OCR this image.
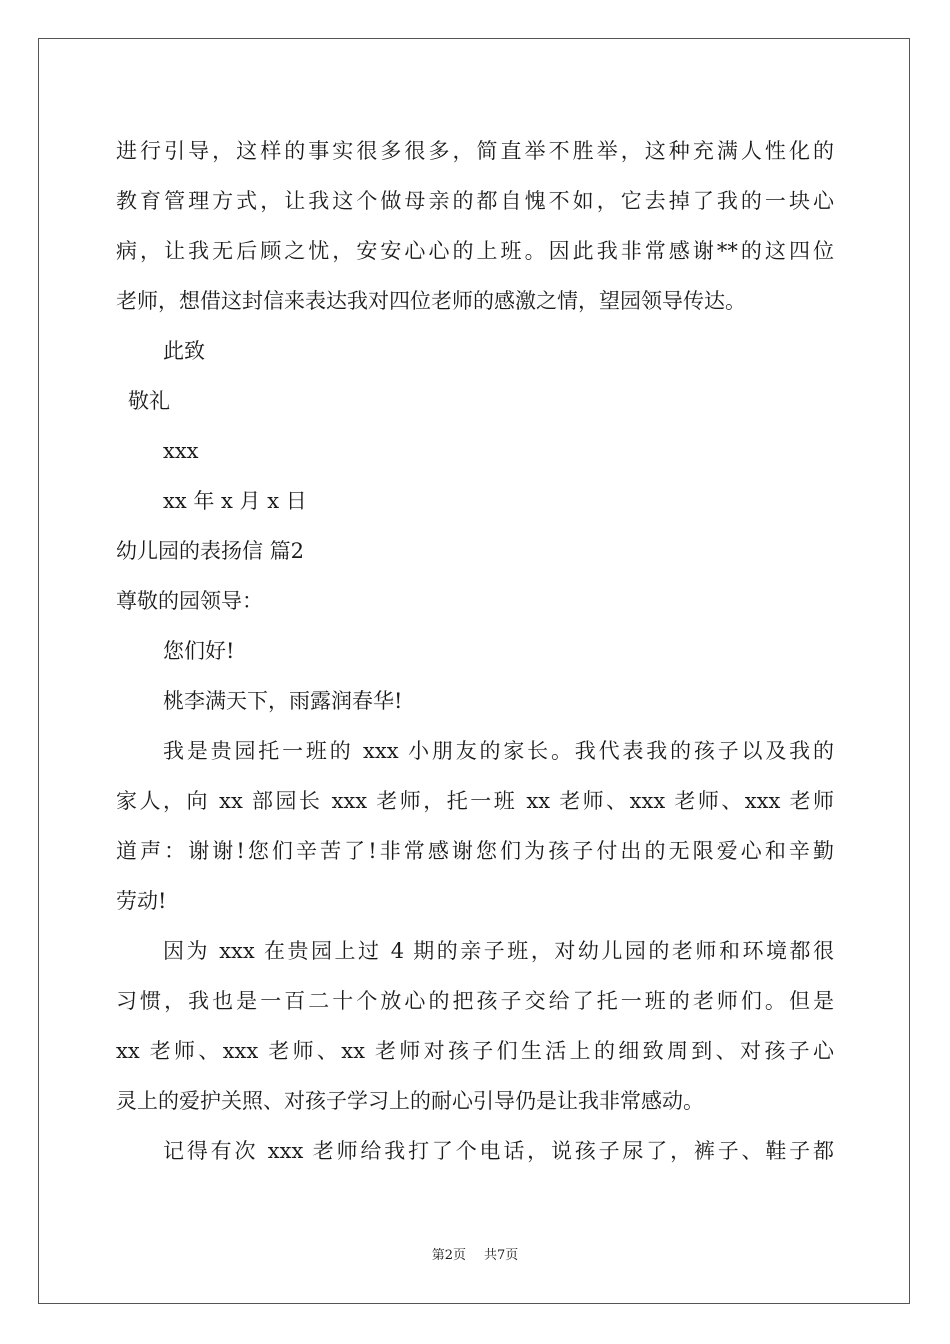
进行引导，这样的事实很多很多，简直举不胜举，这种充满人性化的
教育管理方式，让我这个做母亲的都自愧不如，它去掉了我的一块心
病，让我无后顾之忧，安安心心的上班。因此我非常感谢**的这四位
老师，想借这封信来表达我对四位老师的感激之情，望园领导传达。
此致
敬礼
xxx
xx 年 x 月 x 日
幼儿园的表扬信 篇2
尊敬的园领导：
您们好!
桃李满天下，雨露润春华!
我是贵园托一班的 xxx 小朋友的家长。我代表我的孩子以及我的
家人，向 xx 部园长 xxx 老师，托一班 xx 老师、xxx 老师、xxx 老师
道声：谢谢!您们辛苦了!非常感谢您们为孩子付出的无限爱心和辛勤
劳动!
因为 xxx 在贵园上过 4 期的亲子班，对幼儿园的老师和环境都很
习惯，我也是一百二十个放心的把孩子交给了托一班的老师们。但是
xx 老师、xxx 老师、xx 老师对孩子们生活上的细致周到、对孩子心
灵上的爱护关照、对孩子学习上的耐心引导仍是让我非常感动。
记得有次 xxx 老师给我打了个电话，说孩子尿了，裤子、鞋子都
第2页 共7页
